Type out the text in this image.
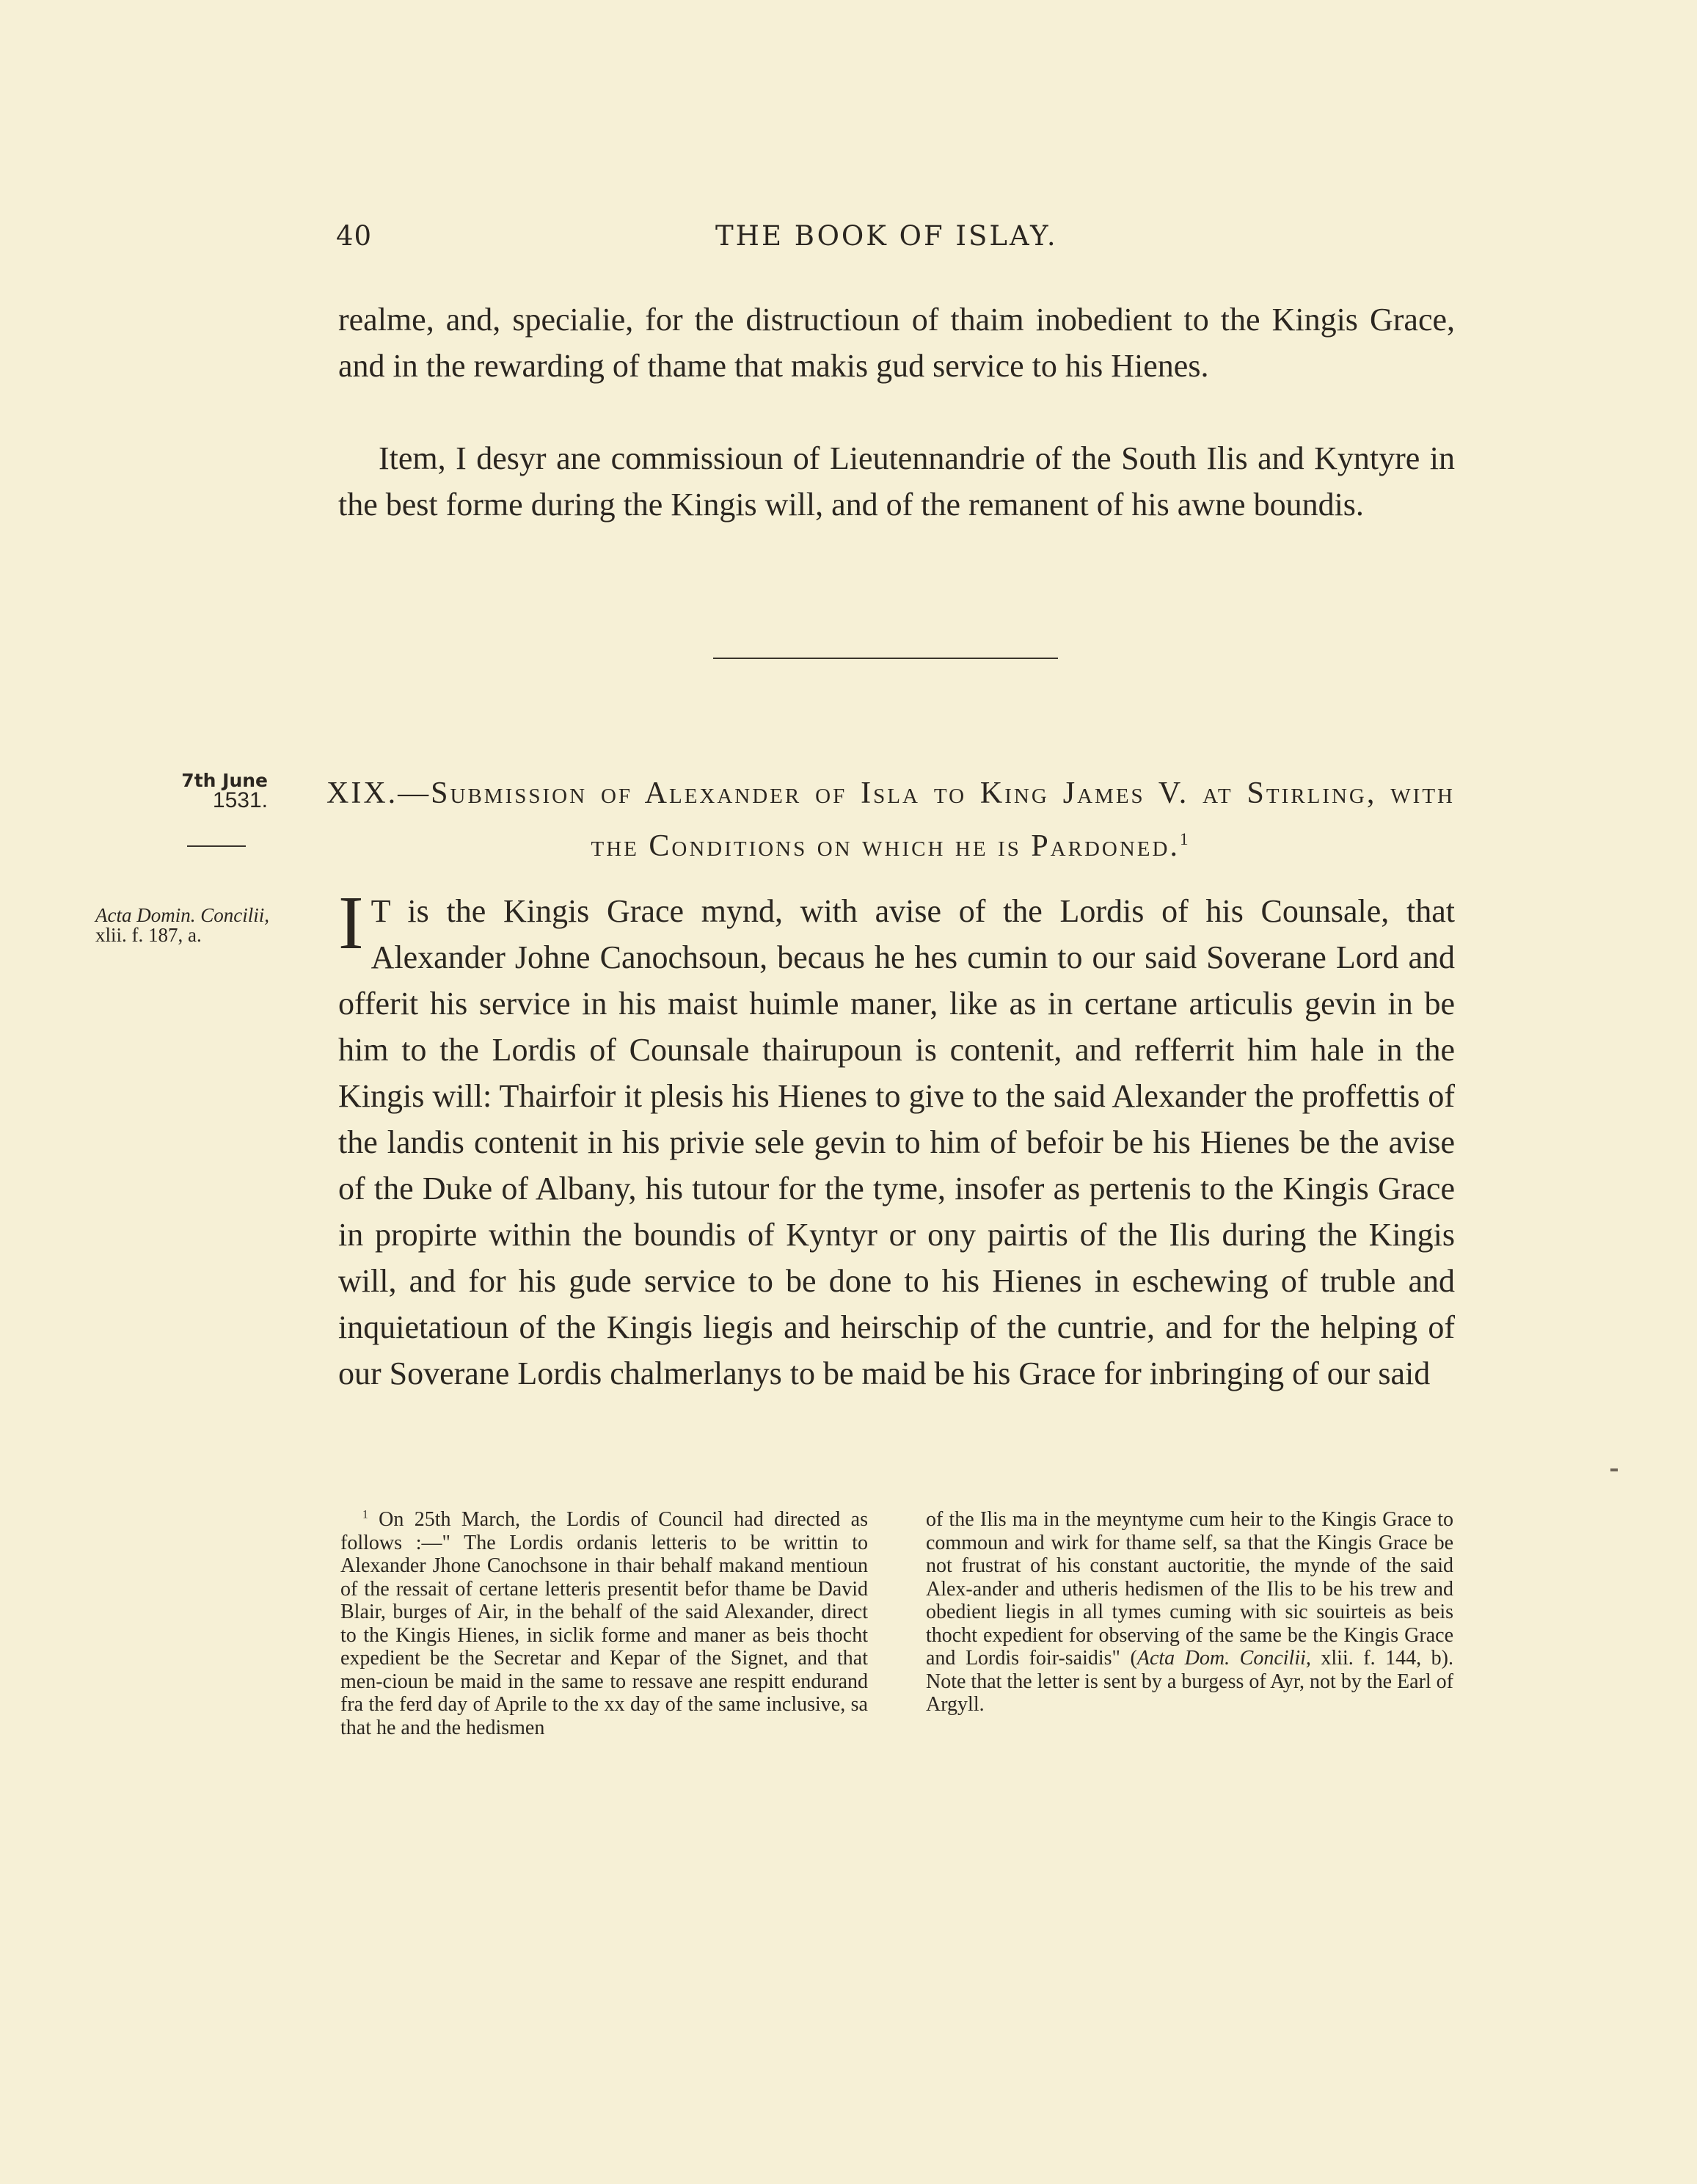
40	THE BOOK OF ISLAY.

realme, and, specialie, for the distructioun of thaim inobedient to the Kingis Grace, and in the rewarding of thame that makis gud service to his Hienes.

Item, I desyr ane commissioun of Lieutennandrie of the South Ilis and Kyntyre in the best forme during the Kingis will, and of the remanent of his awne boundis.

7th June
1531.
Acta Domin. Concilii,
xlii. f. 187, a.
XIX.—Submission of Alexander of Isla to King James V. at Stirling, with the Conditions on which he is Pardoned.$^1$
I T is the Kingis Grace mynd, with avise of the Lordis of his Counsale, that Alexander Johne Canochsoun, becaus he hes cumin to our said Soverane Lord and offerit his service in his maist huimle maner, like as in certane articulis gevin in be him to the Lordis of Counsale thairupoun is contenit, and refferrit him hale in the Kingis will: Thairfoir it plesis his Hienes to give to the said Alexander the proffettis of the landis contenit in his privie sele gevin to him of befoir be his Hienes be the avise of the Duke of Albany, his tutour for the tyme, insofer as pertenis to the Kingis Grace in propirte within the boundis of Kyntyr or ony pairtis of the Ilis during the Kingis will, and for his gude service to be done to his Hienes in eschewing of truble and inquietatioun of the Kingis liegis and heirschip of the cuntrie, and for the helping of our Soverane Lordis chalmerlanys to be maid be his Grace for inbringing of our said
$^1$ On 25th March, the Lordis of Council had directed as follows :—" The Lordis ordanis letteris to be writtin to Alexander Jhone Canochsone in thair behalf makand mentioun of the ressait of certane letteris presentit befor thame be David Blair, burges of Air, in the behalf of the said Alexander, direct to the Kingis Hienes, in siclik forme and maner as beis thocht expedient be the Secretar and Kepar of the Signet, and that men-cioun be maid in the same to ressave ane respitt endurand fra the ferd day of Aprile to the xx day of the same inclusive, sa that he and the hedismen
of the Ilis ma in the meyntyme cum heir to the Kingis Grace to commoun and wirk for thame self, sa that the Kingis Grace be not frustrat of his constant auctoritie, the mynde of the said Alex-ander and utheris hedismen of the Ilis to be his trew and obedient liegis in all tymes cuming with sic souirteis as beis thocht expedient for observing of the same be the Kingis Grace and Lordis foir-saidis" (Acta Dom. Concilii, xlii. f. 144, b). Note that the letter is sent by a burgess of Ayr, not by the Earl of Argyll.
